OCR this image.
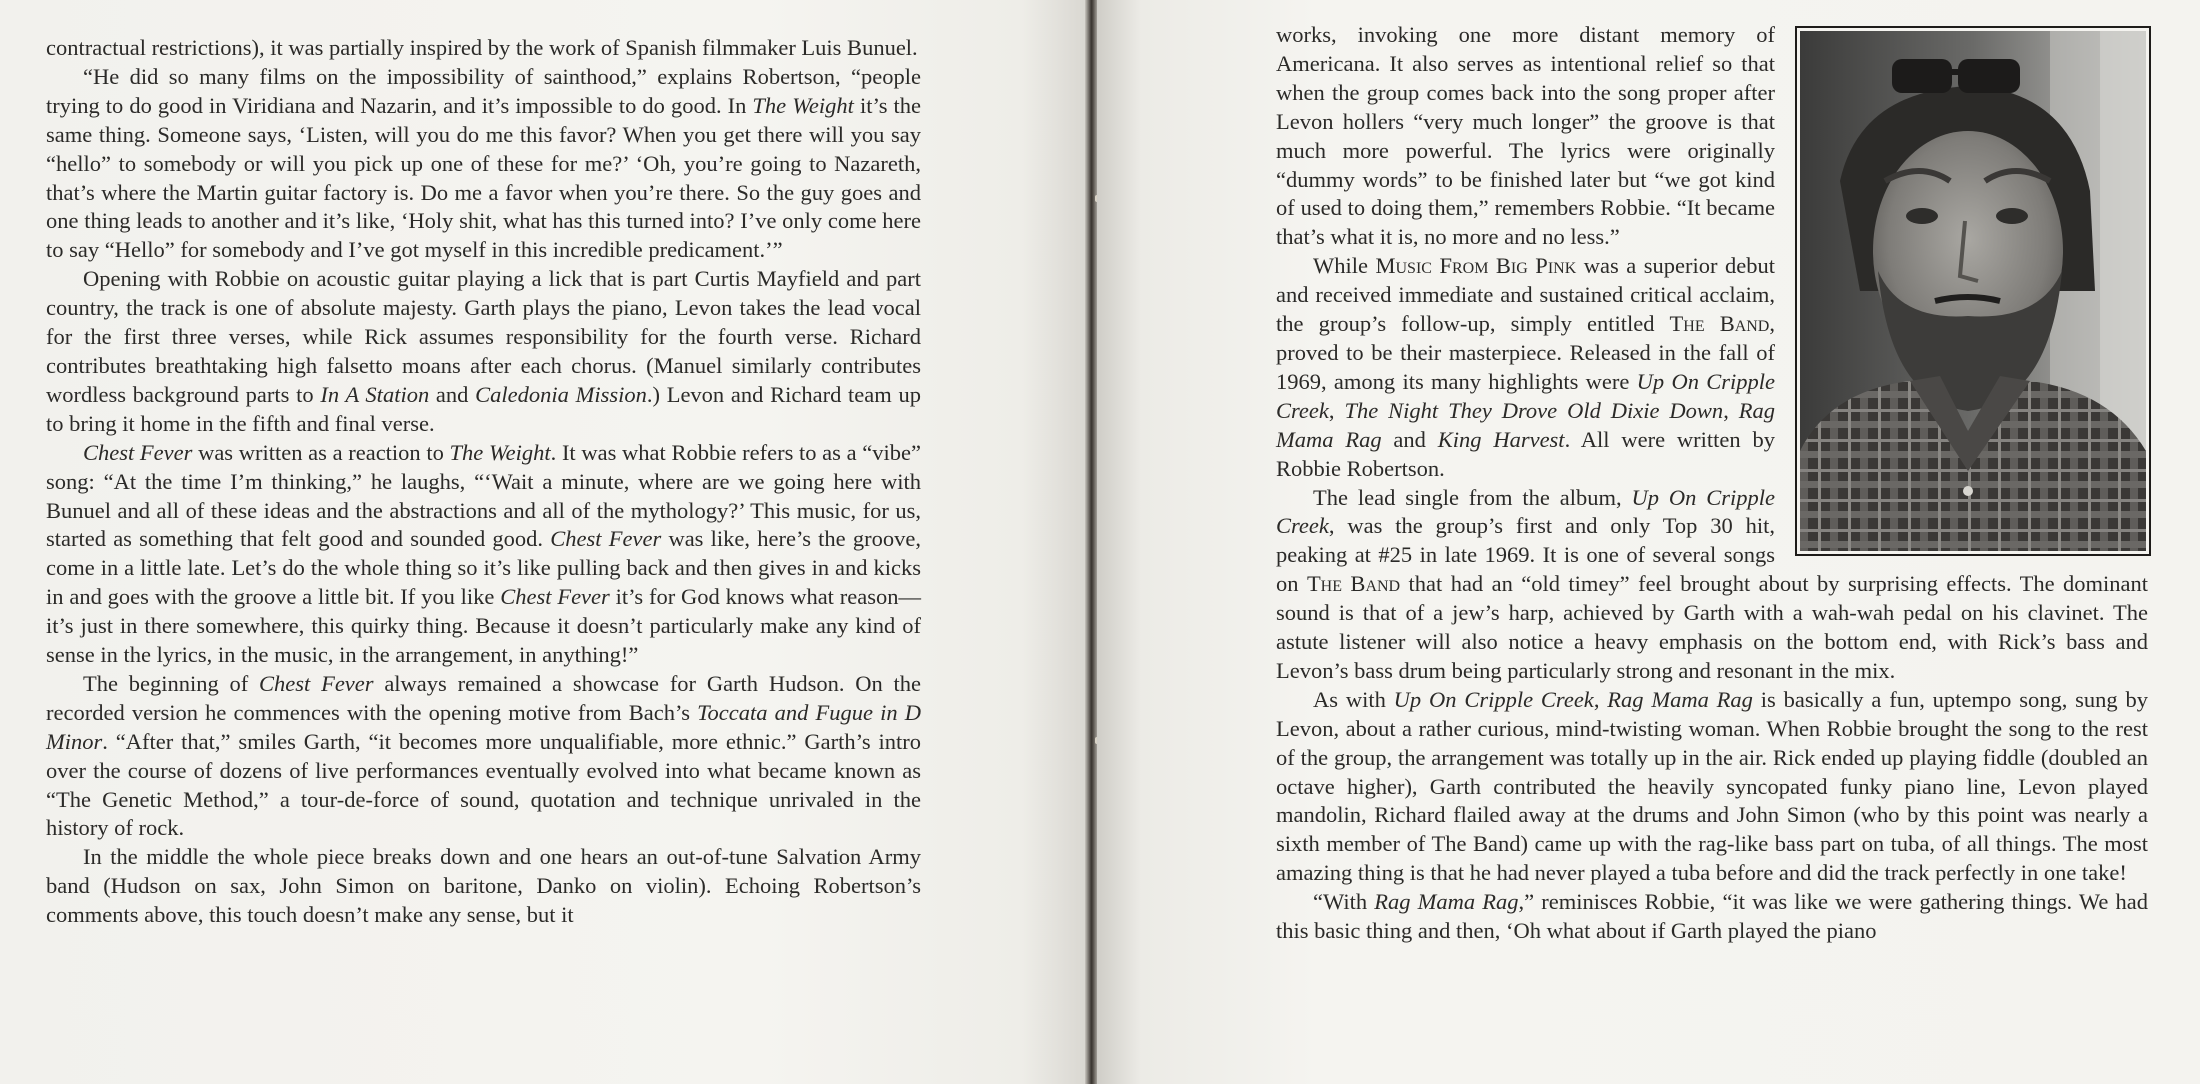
contractual restrictions), it was partially inspired by the work of Spanish filmmaker Luis Bunuel.

“He did so many films on the impossibility of sainthood,” explains Robertson, “people trying to do good in Viridiana and Nazarin, and it’s impossible to do good. In The Weight it’s the same thing. Someone says, ‘Listen, will you do me this favor? When you get there will you say “hello” to somebody or will you pick up one of these for me?’ ‘Oh, you’re going to Nazareth, that’s where the Martin guitar factory is. Do me a favor when you’re there. So the guy goes and one thing leads to another and it’s like, ‘Holy shit, what has this turned into? I’ve only come here to say “Hello” for somebody and I’ve got myself in this incredible predicament.’”

Opening with Robbie on acoustic guitar playing a lick that is part Curtis Mayfield and part country, the track is one of absolute majesty. Garth plays the piano, Levon takes the lead vocal for the first three verses, while Rick assumes responsibility for the fourth verse. Richard contributes breathtaking high falsetto moans after each chorus. (Manuel similarly contributes wordless background parts to In A Station and Caledonia Mission.) Levon and Richard team up to bring it home in the fifth and final verse.

Chest Fever was written as a reaction to The Weight. It was what Robbie refers to as a “vibe” song: “At the time I’m thinking,” he laughs, “‘Wait a minute, where are we going here with Bunuel and all of these ideas and the abstractions and all of the mythology?’ This music, for us, started as something that felt good and sounded good. Chest Fever was like, here’s the groove, come in a little late. Let’s do the whole thing so it’s like pulling back and then gives in and kicks in and goes with the groove a little bit. If you like Chest Fever it’s for God knows what reason—it’s just in there somewhere, this quirky thing. Because it doesn’t particularly make any kind of sense in the lyrics, in the music, in the arrangement, in anything!”

The beginning of Chest Fever always remained a showcase for Garth Hudson. On the recorded version he commences with the opening motive from Bach’s Toccata and Fugue in D Minor. “After that,” smiles Garth, “it becomes more unqualifiable, more ethnic.” Garth’s intro over the course of dozens of live performances eventually evolved into what became known as “The Genetic Method,” a tour-de-force of sound, quotation and technique unrivaled in the history of rock.

In the middle the whole piece breaks down and one hears an out-of-tune Salvation Army band (Hudson on sax, John Simon on baritone, Danko on violin). Echoing Robertson’s comments above, this touch doesn’t make any sense, but it

works, invoking one more distant memory of Americana. It also serves as intentional relief so that when the group comes back into the song proper after Levon hollers “very much longer” the groove is that much more powerful. The lyrics were originally “dummy words” to be finished later but “we got kind of used to doing them,” remembers Robbie. “It became that’s what it is, no more and no less.”

While Music From Big Pink was a superior debut and received immediate and sustained critical acclaim, the group’s follow-up, simply entitled The Band, proved to be their masterpiece. Released in the fall of 1969, among its many highlights were Up On Cripple Creek, The Night They Drove Old Dixie Down, Rag Mama Rag and King Harvest. All were written by Robbie Robertson.

The lead single from the album, Up On Cripple Creek, was the group’s first and only Top 30 hit, peaking at #25 in late 1969. It is one of several songs on The Band that had an “old timey” feel brought about by surprising effects. The dominant sound is that of a jew’s harp, achieved by Garth with a wah-wah pedal on his clavinet. The astute listener will also notice a heavy emphasis on the bottom end, with Rick’s bass and Levon’s bass drum being particularly strong and resonant in the mix.

As with Up On Cripple Creek, Rag Mama Rag is basically a fun, uptempo song, sung by Levon, about a rather curious, mind-twisting woman. When Robbie brought the song to the rest of the group, the arrangement was totally up in the air. Rick ended up playing fiddle (doubled an octave higher), Garth contributed the heavily syncopated funky piano line, Levon played mandolin, Richard flailed away at the drums and John Simon (who by this point was nearly a sixth member of The Band) came up with the rag-like bass part on tuba, of all things. The most amazing thing is that he had never played a tuba before and did the track perfectly in one take!

“With Rag Mama Rag,” reminisces Robbie, “it was like we were gathering things. We had this basic thing and then, ‘Oh what about if Garth played the piano
